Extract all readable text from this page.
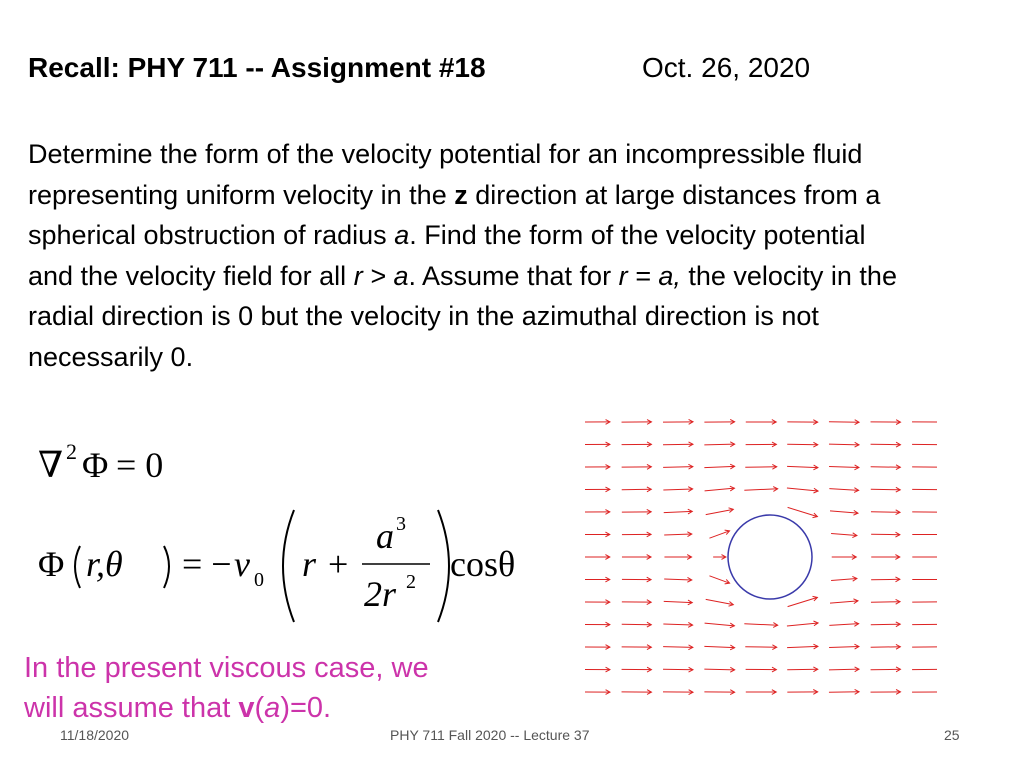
Recall: PHY 711 -- Assignment #18	Oct. 26, 2020
Determine the form of the velocity potential for an incompressible fluid representing uniform velocity in the z direction at large distances from a spherical obstruction of radius a. Find the form of the velocity potential and the velocity field for all r > a. Assume that for r = a, the velocity in the radial direction is 0 but the velocity in the azimuthal direction is not necessarily 0.
∇ 2 Φ = 0
Φ r,θ = − v 0 r +
a 3
2r 2 cosθ
In the present viscous case, we
will assume that v(a)=0.
11/18/2020	PHY 711 Fall 2020 -- Lecture 37	25
